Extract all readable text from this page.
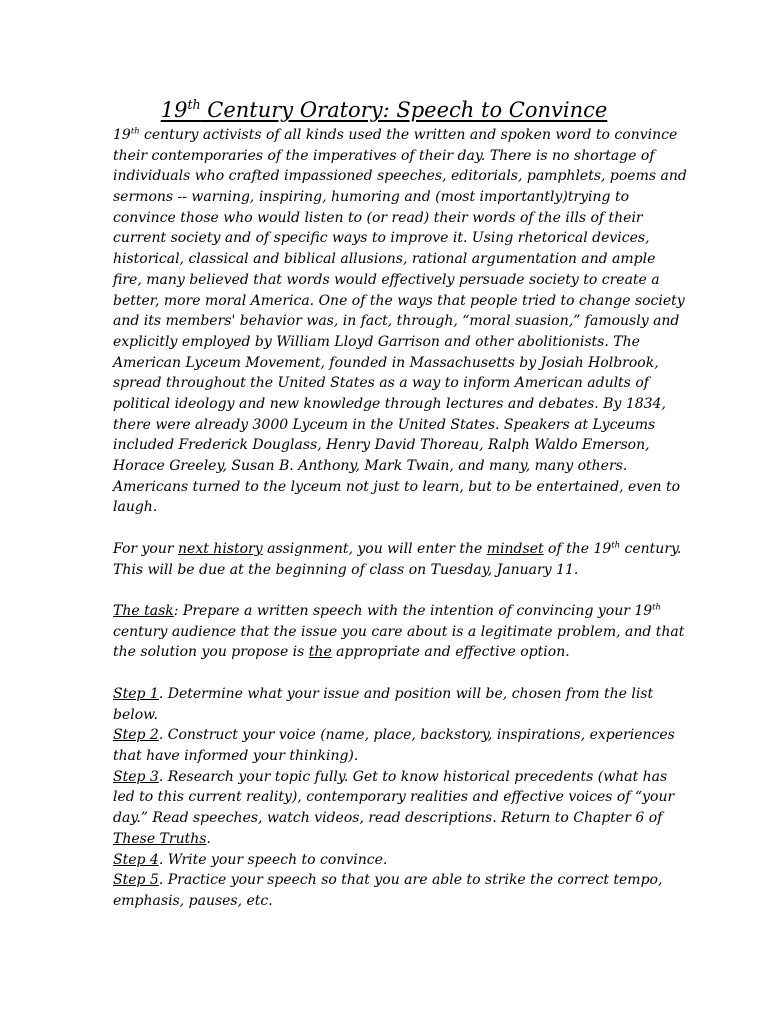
19th Century Oratory: Speech to Convince
19th century activists of all kinds used the written and spoken word to convince
their contemporaries of the imperatives of their day. There is no shortage of
individuals who crafted impassioned speeches, editorials, pamphlets, poems and
sermons -- warning, inspiring, humoring and (most importantly)trying to
convince those who would listen to (or read) their words of the ills of their
current society and of specific ways to improve it. Using rhetorical devices,
historical, classical and biblical allusions, rational argumentation and ample
fire, many believed that words would effectively persuade society to create a
better, more moral America. One of the ways that people tried to change society
and its members' behavior was, in fact, through, “moral suasion,” famously and
explicitly employed by William Lloyd Garrison and other abolitionists. The
American Lyceum Movement, founded in Massachusetts by Josiah Holbrook,
spread throughout the United States as a way to inform American adults of
political ideology and new knowledge through lectures and debates. By 1834,
there were already 3000 Lyceum in the United States. Speakers at Lyceums
included Frederick Douglass, Henry David Thoreau, Ralph Waldo Emerson,
Horace Greeley, Susan B. Anthony, Mark Twain, and many, many others.
Americans turned to the lyceum not just to learn, but to be entertained, even to
laugh.
For your next history assignment, you will enter the mindset of the 19th century.
This will be due at the beginning of class on Tuesday, January 11.
The task: Prepare a written speech with the intention of convincing your 19th
century audience that the issue you care about is a legitimate problem, and that
the solution you propose is the appropriate and effective option.
Step 1. Determine what your issue and position will be, chosen from the list
below.
Step 2. Construct your voice (name, place, backstory, inspirations, experiences
that have informed your thinking).
Step 3. Research your topic fully. Get to know historical precedents (what has
led to this current reality), contemporary realities and effective voices of “your
day.” Read speeches, watch videos, read descriptions. Return to Chapter 6 of
These Truths.
Step 4. Write your speech to convince.
Step 5. Practice your speech so that you are able to strike the correct tempo,
emphasis, pauses, etc.
